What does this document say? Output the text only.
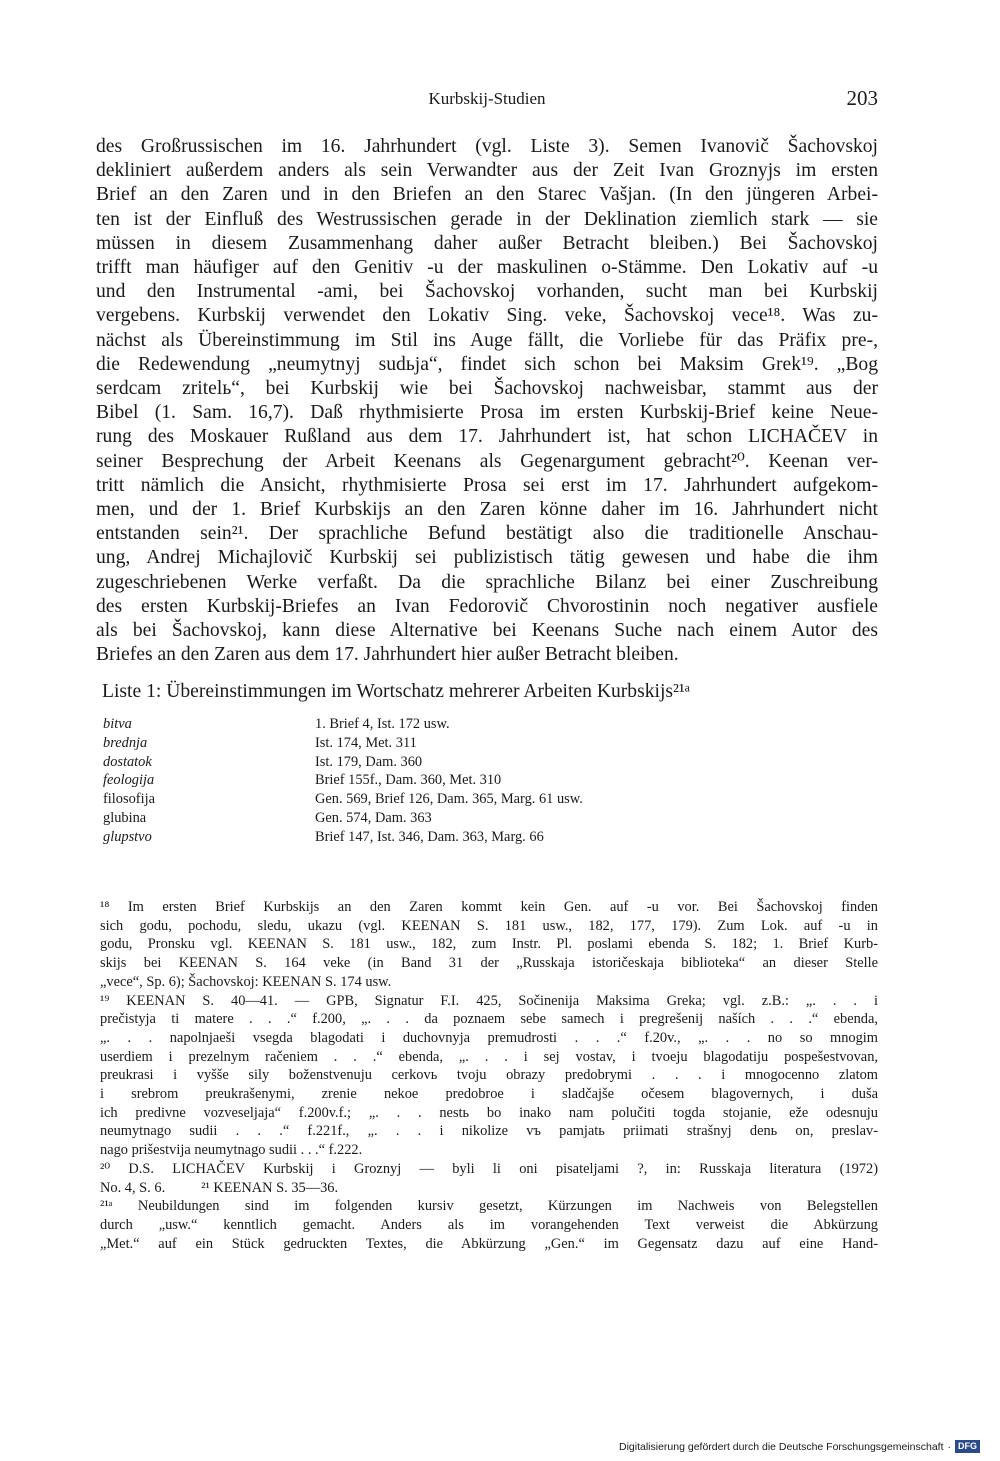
Kurbskij-Studien	203
des Großrussischen im 16. Jahrhundert (vgl. Liste 3). Semen Ivanovič Šachovskoj
dekliniert außerdem anders als sein Verwandter aus der Zeit Ivan Groznyjs im ersten
Brief an den Zaren und in den Briefen an den Starec Vašjan. (In den jüngeren Arbei-
ten ist der Einfluß des Westrussischen gerade in der Deklination ziemlich stark — sie
müssen in diesem Zusammenhang daher außer Betracht bleiben.) Bei Šachovskoj
trifft man häufiger auf den Genitiv -u der maskulinen o-Stämme. Den Lokativ auf -u
und den Instrumental -ami, bei Šachovskoj vorhanden, sucht man bei Kurbskij
vergebens. Kurbskij verwendet den Lokativ Sing. veke, Šachovskoj vece¹⁸. Was zu-
nächst als Übereinstimmung im Stil ins Auge fällt, die Vorliebe für das Präfix pre-,
die Redewendung „neumytnyj sudьja“, findet sich schon bei Maksim Grek¹⁹. „Bog
serdcam zritelь“, bei Kurbskij wie bei Šachovskoj nachweisbar, stammt aus der
Bibel (1. Sam. 16,7). Daß rhythmisierte Prosa im ersten Kurbskij-Brief keine Neue-
rung des Moskauer Rußland aus dem 17. Jahrhundert ist, hat schon LICHAČEV in
seiner Besprechung der Arbeit Keenans als Gegenargument gebracht²⁰. Keenan ver-
tritt nämlich die Ansicht, rhythmisierte Prosa sei erst im 17. Jahrhundert aufgekom-
men, und der 1. Brief Kurbskijs an den Zaren könne daher im 16. Jahrhundert nicht
entstanden sein²¹. Der sprachliche Befund bestätigt also die traditionelle Anschau-
ung, Andrej Michajlovič Kurbskij sei publizistisch tätig gewesen und habe die ihm
zugeschriebenen Werke verfaßt. Da die sprachliche Bilanz bei einer Zuschreibung
des ersten Kurbskij-Briefes an Ivan Fedorovič Chvorostinin noch negativer ausfiele
als bei Šachovskoj, kann diese Alternative bei Keenans Suche nach einem Autor des
Briefes an den Zaren aus dem 17. Jahrhundert hier außer Betracht bleiben.
Liste 1: Übereinstimmungen im Wortschatz mehrerer Arbeiten Kurbskijs²¹ᵃ
bitva	1. Brief 4, Ist. 172 usw.
brednja	Ist. 174, Met. 311
dostatok	Ist. 179, Dam. 360
feologija	Brief 155f., Dam. 360, Met. 310
filosofija	Gen. 569, Brief 126, Dam. 365, Marg. 61 usw.
glubina	Gen. 574, Dam. 363
glupstvo	Brief 147, Ist. 346, Dam. 363, Marg. 66
¹⁸ Im ersten Brief Kurbskijs an den Zaren kommt kein Gen. auf -u vor. Bei Šachovskoj finden
sich godu, pochodu, sledu, ukazu (vgl. KEENAN S. 181 usw., 182, 177, 179). Zum Lok. auf -u in
godu, Pronsku vgl. KEENAN S. 181 usw., 182, zum Instr. Pl. poslami ebenda S. 182; 1. Brief Kurb-
skijs bei KEENAN S. 164 veke (in Band 31 der „Russkaja istoričeskaja biblioteka“ an dieser Stelle
„vece“, Sp. 6); Šachovskoj: KEENAN S. 174 usw.
¹⁹ KEENAN S. 40—41. — GPB, Signatur F.I. 425, Sočinenija Maksima Greka; vgl. z.B.: „. . . i
prečistyja ti matere . . .“ f.200, „. . . da poznaem sebe samech i pregrešenij naších . . .“ ebenda,
„. . . napolnjaeši vsegda blagodati i duchovnyja premudrosti . . .“ f.20v., „. . . no so mnogim
userdiem i prezelnym račeniem . . .“ ebenda, „. . . i sej vostav, i tvoeju blagodatiju pospešestvovan,
preukrasi i vyšše sily boženstvenuju cerkovь tvoju obrazy predobrymi . . . i mnogocenno zlatom
i srebrom preukrašenymi, zrenie nekoe predobroe i sladčajše očesem blagovernych, i duša
ich predivne vozveseljaja“ f.200v.f.; „. . . nestь bo inako nam polučiti togda stojanie, eže odesnuju
neumytnago sudii . . .“ f.221f., „. . . i nikolize vъ pamjatь priimati strašnyj denь on, preslav-
nago prišestvija neumytnago sudii . . .“ f.222.
²⁰ D.S. LICHAČEV Kurbskij i Groznyj — byli li oni pisateljami ?, in: Russkaja literatura (1972)
No. 4, S. 6.          ²¹ KEENAN S. 35—36.
²¹ᵃ Neubildungen sind im folgenden kursiv gesetzt, Kürzungen im Nachweis von Belegstellen
durch „usw.“ kenntlich gemacht. Anders als im vorangehenden Text verweist die Abkürzung
„Met.“ auf ein Stück gedruckten Textes, die Abkürzung „Gen.“ im Gegensatz dazu auf eine Hand-
Digitalisierung gefördert durch die Deutsche Forschungsgemeinschaft · DFG
